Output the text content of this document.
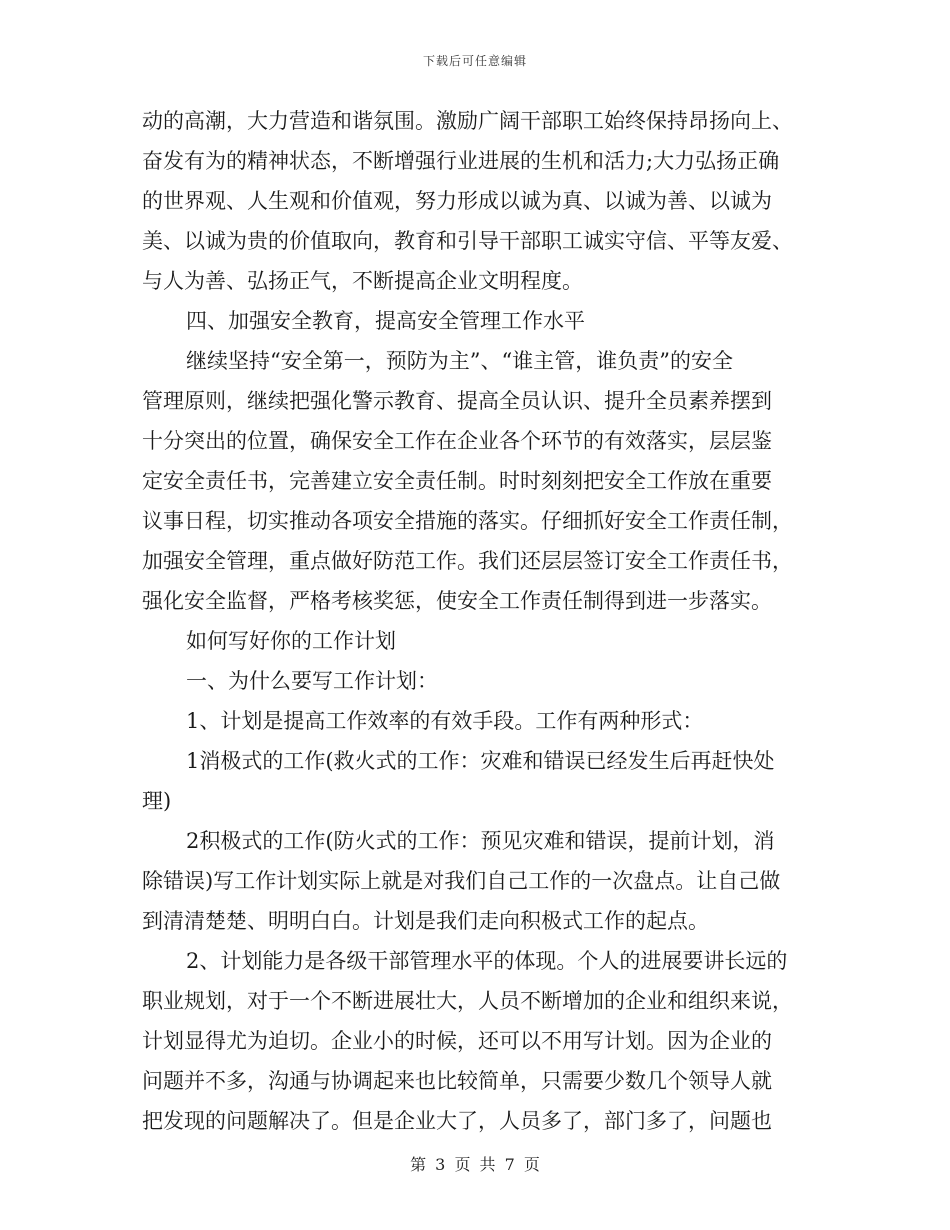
下载后可任意编辑
动的高潮，大力营造和谐氛围。激励广阔干部职工始终保持昂扬向上、
奋发有为的精神状态，不断增强行业进展的生机和活力;大力弘扬正确
的世界观、人生观和价值观，努力形成以诚为真、以诚为善、以诚为
美、以诚为贵的价值取向，教育和引导干部职工诚实守信、平等友爱、
与人为善、弘扬正气，不断提高企业文明程度。
四、加强安全教育，提高安全管理工作水平
继续坚持“安全第一，预防为主”、“谁主管，谁负责”的安全
管理原则，继续把强化警示教育、提高全员认识、提升全员素养摆到
十分突出的位置，确保安全工作在企业各个环节的有效落实，层层鉴
定安全责任书，完善建立安全责任制。时时刻刻把安全工作放在重要
议事日程，切实推动各项安全措施的落实。仔细抓好安全工作责任制，
加强安全管理，重点做好防范工作。我们还层层签订安全工作责任书，
强化安全监督，严格考核奖惩，使安全工作责任制得到进一步落实。
如何写好你的工作计划
一、为什么要写工作计划：
1、计划是提高工作效率的有效手段。工作有两种形式：
1消极式的工作(救火式的工作：灾难和错误已经发生后再赶快处
理)
2积极式的工作(防火式的工作：预见灾难和错误，提前计划，消
除错误)写工作计划实际上就是对我们自己工作的一次盘点。让自己做
到清清楚楚、明明白白。计划是我们走向积极式工作的起点。
2、计划能力是各级干部管理水平的体现。个人的进展要讲长远的
职业规划，对于一个不断进展壮大，人员不断增加的企业和组织来说，
计划显得尤为迫切。企业小的时候，还可以不用写计划。因为企业的
问题并不多，沟通与协调起来也比较简单，只需要少数几个领导人就
把发现的问题解决了。但是企业大了，人员多了，部门多了，问题也
第 3 页 共 7 页
